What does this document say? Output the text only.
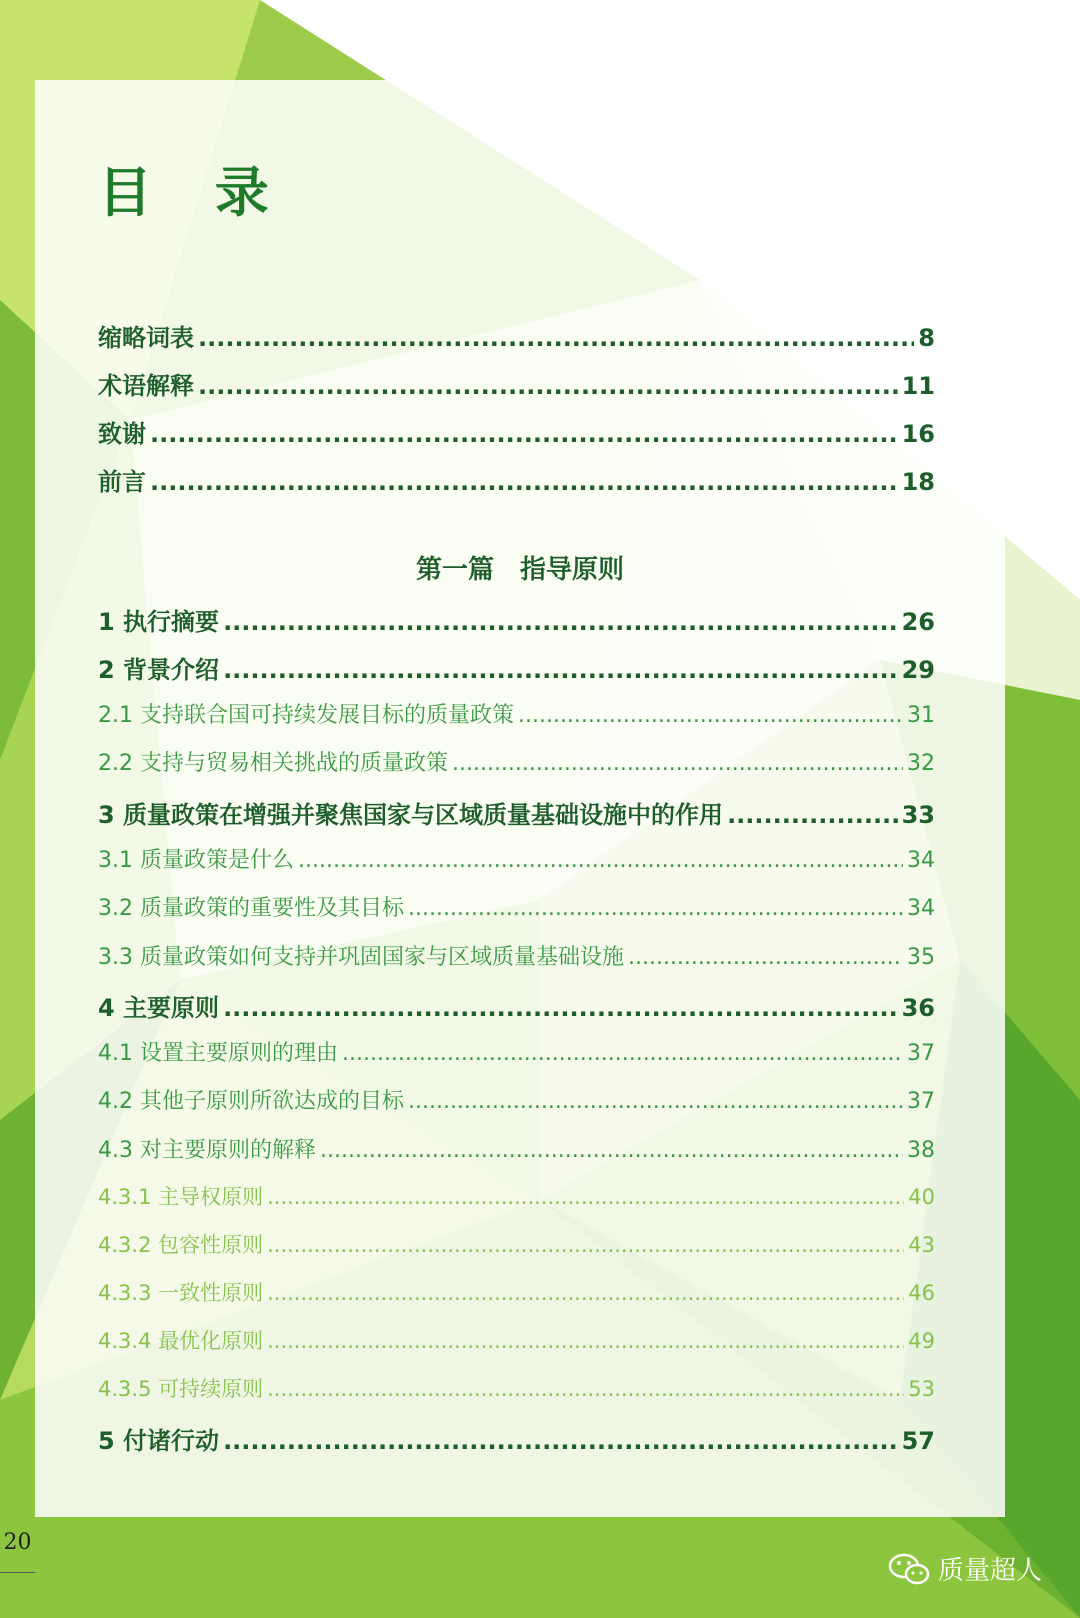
目 录
缩略词表 .....	8
术语解释 .....	11
致谢 .....	16
前言 .....	18
第一篇　指导原则
1 执行摘要 .....	26
2 背景介绍 .....	29
2.1 支持联合国可持续发展目标的质量政策 .....	31
2.2 支持与贸易相关挑战的质量政策 .....	32
3 质量政策在增强并聚焦国家与区域质量基础设施中的作用 .....	33
3.1 质量政策是什么 .....	34
3.2 质量政策的重要性及其目标 .....	34
3.3 质量政策如何支持并巩固国家与区域质量基础设施 .....	35
4 主要原则 .....	36
4.1 设置主要原则的理由 .....	37
4.2 其他子原则所欲达成的目标 .....	37
4.3 对主要原则的解释 .....	38
4.3.1 主导权原则 .....	40
4.3.2 包容性原则 .....	43
4.3.3 一致性原则 .....	46
4.3.4 最优化原则 .....	49
4.3.5 可持续原则 .....	53
5 付诸行动 .....	57
20
质量超人
